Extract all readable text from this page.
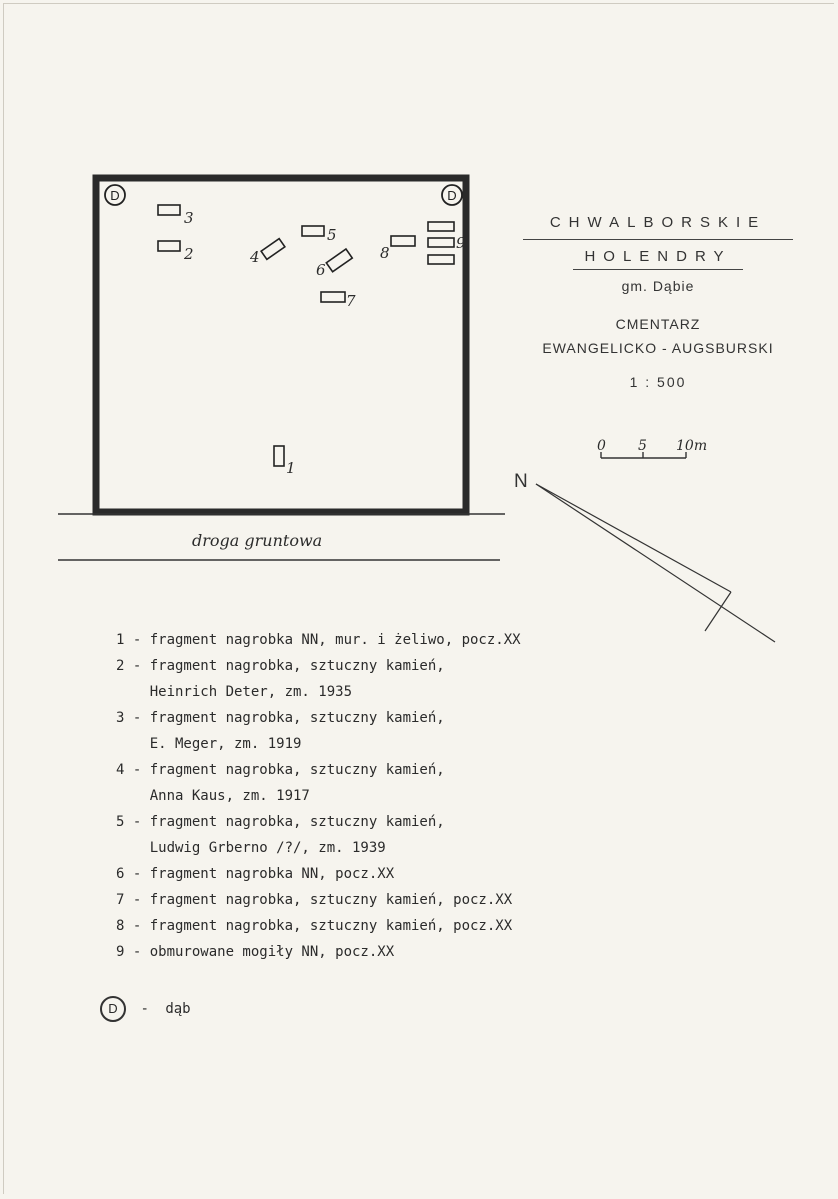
droga gruntowa
D	D
1
2
3
4
5
6
7
8
9
0 5 10m
N
CHWALBORSKIE
HOLENDRY
gm. Dąbie
CMENTARZ
EWANGELICKO - AUGSBURSKI
1 : 500
1 - fragment nagrobka NN, mur. i żeliwo, pocz.XX
2 - fragment nagrobka, sztuczny kamień,
Heinrich Deter, zm. 1935
3 - fragment nagrobka, sztuczny kamień,
E. Meger, zm. 1919
4 - fragment nagrobka, sztuczny kamień,
Anna Kaus, zm. 1917
5 - fragment nagrobka, sztuczny kamień,
Ludwig Grberno /?/, zm. 1939
6 - fragment nagrobka NN, pocz.XX
7 - fragment nagrobka, sztuczny kamień, pocz.XX
8 - fragment nagrobka, sztuczny kamień, pocz.XX
9 - obmurowane mogiły NN, pocz.XX
D - dąb
